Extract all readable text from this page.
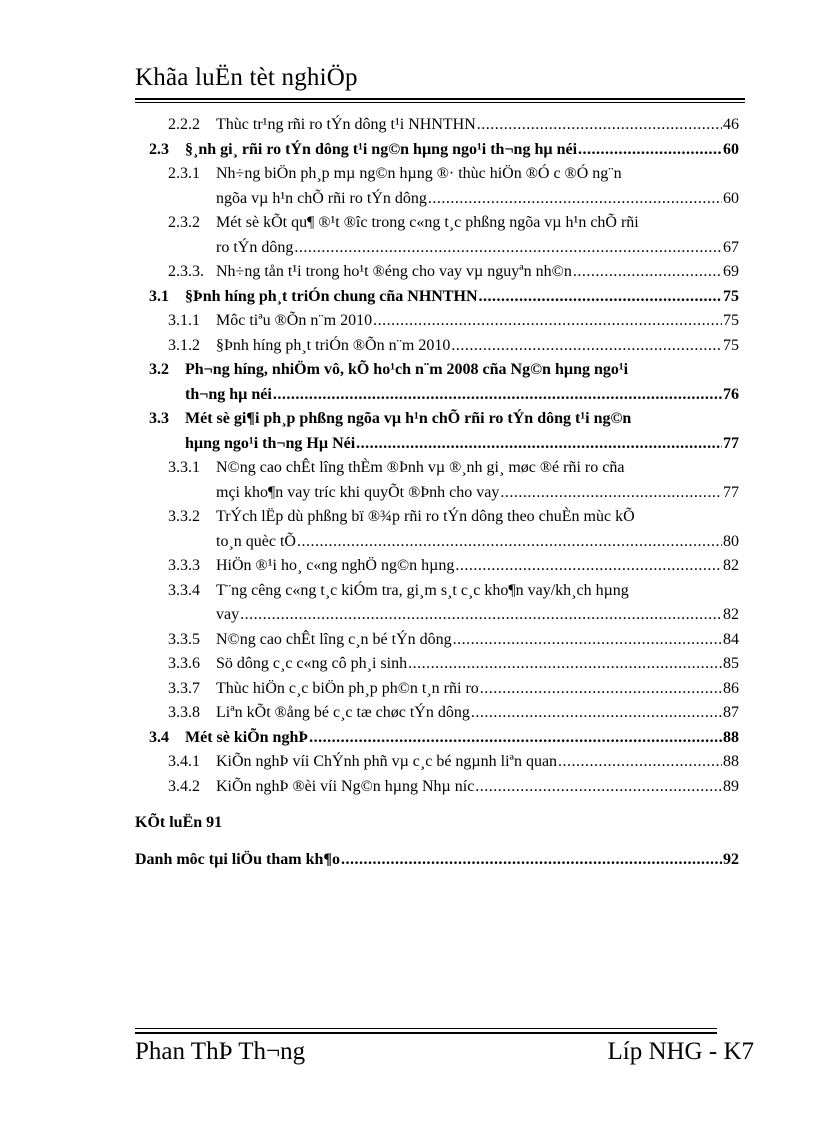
Khãa luËn tèt nghiÖp
2.2.2	Thùc tr¹ng rñi ro tÝn dông t¹i NHNTHN .....	46
2.3	§¸nh gi¸ rñi ro tÝn dông t¹i ng©n hµng ngo¹i th¬ng hµ néi .....	60
2.3.1	Nh÷ng biÖn ph¸p mµ ng©n hµng ®· thùc hiÖn ®Ó c ®Ó ng¨n
ngõa vµ h¹n chÕ rñi ro tÝn dông .....	60
2.3.2	Mét sè kÕt qu¶ ®¹t ®îc trong c«ng t¸c phßng ngõa vµ h¹n chÕ rñi
ro tÝn dông .....	67
2.3.3. Nh÷ng tån t¹i trong ho¹t ®éng cho vay vµ nguyªn nh©n .....	69
3.1	§Þnh híng ph¸t triÓn chung cña NHNTHN .....	75
3.1.1	Môc tiªu ®Õn n¨m 2010 .....	75
3.1.2	§Þnh híng ph¸t triÓn ®Õn n¨m 2010 .....	75
3.2	Ph¬ng híng, nhiÖm vô, kÕ ho¹ch n¨m 2008 cña Ng©n hµng ngo¹i
th¬ng hµ néi .....	76
3.3	Mét sè gi¶i ph¸p phßng ngõa vµ h¹n chÕ rñi ro tÝn dông t¹i ng©n
hµng ngo¹i th¬ng Hµ Néi .....	77
3.3.1	N©ng cao chÊt lîng thÈm ®Þnh vµ ®¸nh gi¸ møc ®é rñi ro cña
mçi kho¶n vay tríc khi quyÕt ®Þnh cho vay .....	77
3.3.2	TrÝch lËp dù phßng bï ®¾p rñi ro tÝn dông theo chuÈn mùc kÕ
to¸n quèc tÕ .....	80
3.3.3	HiÖn ®¹i ho¸ c«ng nghÖ ng©n hµng .....	82
3.3.4	T¨ng cêng c«ng t¸c kiÓm tra, gi¸m s¸t c¸c kho¶n vay/kh¸ch hµng
vay .....	82
3.3.5	N©ng cao chÊt lîng c¸n bé tÝn dông .....	84
3.3.6	Sö dông c¸c c«ng cô ph¸i sinh .....	85
3.3.7	Thùc hiÖn c¸c biÖn ph¸p ph©n t¸n rñi ro .....	86
3.3.8	Liªn kÕt ®ång bé c¸c tæ chøc tÝn dông .....	87
3.4	Mét sè kiÕn nghÞ .....	88
3.4.1	KiÕn nghÞ víi ChÝnh phñ vµ c¸c bé ngµnh liªn quan .....	88
3.4.2	KiÕn nghÞ ®èi víi Ng©n hµng Nhµ níc .....	89
KÕt luËn 91
Danh môc tµi liÖu tham kh¶o .....	92
Phan ThÞ Th¬ng	Líp NHG - K7
